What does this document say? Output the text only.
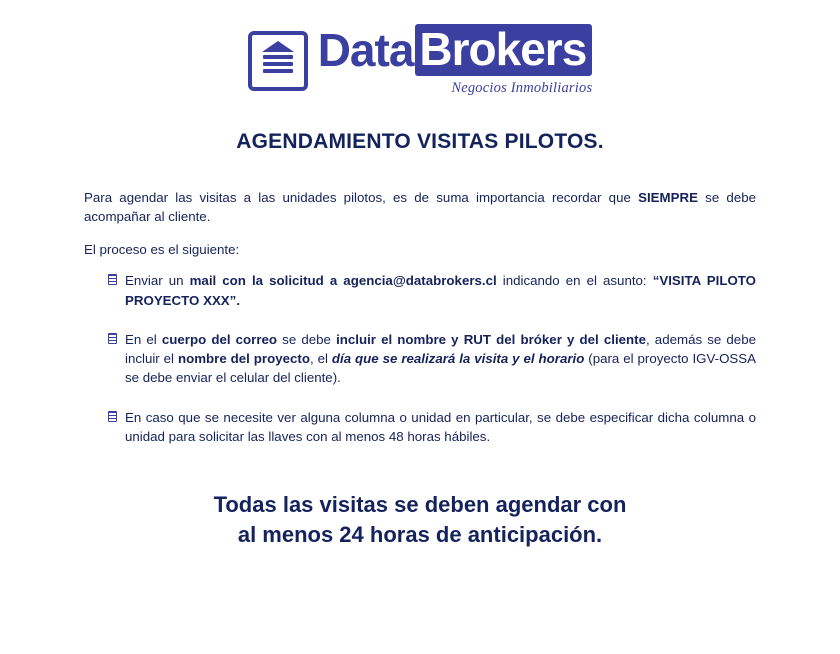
Data Brokers
Negocios Inmobiliarios
AGENDAMIENTO VISITAS PILOTOS.

Para agendar las visitas a las unidades pilotos, es de suma importancia recordar que SIEMPRE se debe acompañar al cliente.

El proceso es el siguiente:

Enviar un mail con la solicitud a agencia@databrokers.cl indicando en el asunto: “VISITA PILOTO PROYECTO XXX”.
En el cuerpo del correo se debe incluir el nombre y RUT del bróker y del cliente, además se debe incluir el nombre del proyecto, el día que se realizará la visita y el horario (para el proyecto IGV-OSSA se debe enviar el celular del cliente).
En caso que se necesite ver alguna columna o unidad en particular, se debe especificar dicha columna o unidad para solicitar las llaves con al menos 48 horas hábiles.
Todas las visitas se deben agendar con
al menos 24 horas de anticipación.
